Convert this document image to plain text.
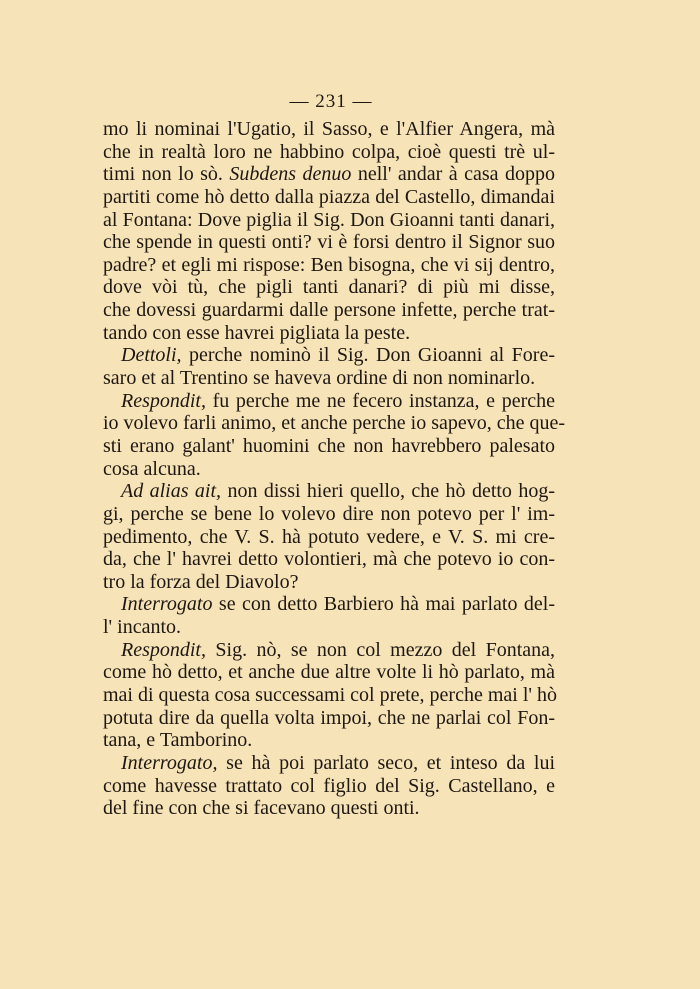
— 231 —
mo li nominai l'Ugatio, il Sasso, e l'Alfier Angera, mà
che in realtà loro ne habbino colpa, cioè questi trè ul-
timi non lo sò. Subdens denuo nell' andar à casa doppo
partiti come hò detto dalla piazza del Castello, dimandai
al Fontana: Dove piglia il Sig. Don Gioanni tanti danari,
che spende in questi onti? vi è forsi dentro il Signor suo
padre? et egli mi rispose: Ben bisogna, che vi sij dentro,
dove vòi tù, che pigli tanti danari? di più mi disse,
che dovessi guardarmi dalle persone infette, perche trat-
tando con esse havrei pigliata la peste.
Dettoli, perche nominò il Sig. Don Gioanni al Fore-
saro et al Trentino se haveva ordine di non nominarlo.
Respondit, fu perche me ne fecero instanza, e perche
io volevo farli animo, et anche perche io sapevo, che que-
sti erano galant' huomini che non havrebbero palesato
cosa alcuna.
Ad alias ait, non dissi hieri quello, che hò detto hog-
gi, perche se bene lo volevo dire non potevo per l' im-
pedimento, che V. S. hà potuto vedere, e V. S. mi cre-
da, che l' havrei detto volontieri, mà che potevo io con-
tro la forza del Diavolo?
Interrogato se con detto Barbiero hà mai parlato del-
l' incanto.
Respondit, Sig. nò, se non col mezzo del Fontana,
come hò detto, et anche due altre volte li hò parlato, mà
mai di questa cosa successami col prete, perche mai l' hò
potuta dire da quella volta impoi, che ne parlai col Fon-
tana, e Tamborino.
Interrogato, se hà poi parlato seco, et inteso da lui
come havesse trattato col figlio del Sig. Castellano, e
del fine con che si facevano questi onti.
